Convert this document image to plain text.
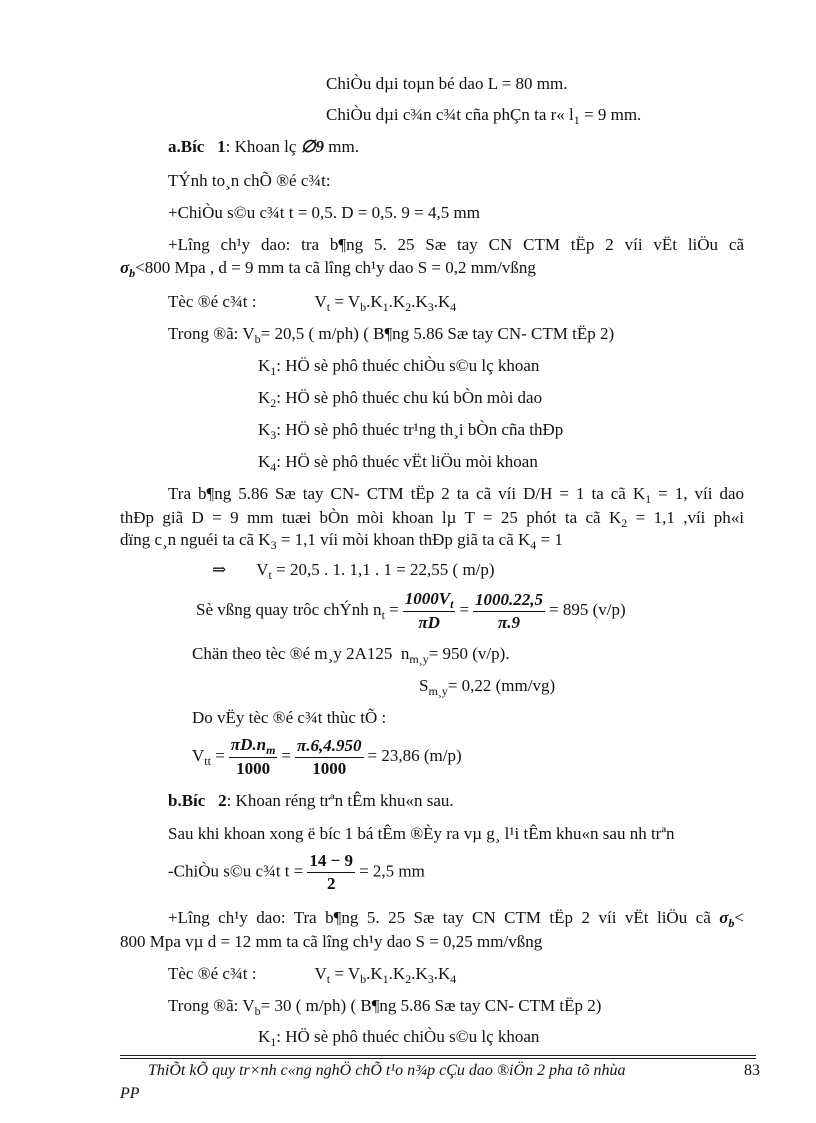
ChiÒu dµi toµn bé dao L = 80 mm.
ChiÒu dµi c¾n c¾t cña phÇn ta r« $l_1 = 9$ mm.
a.Bíc 1: Khoan lç ∅9 mm.
TÝnh to¸n chÕ ®é c¾t:
+ChiÒu s©u c¾t t = 0,5. D = 0,5. 9 = 4,5 mm
+Lîng ch¹y dao: tra b¶ng 5. 25 Sæ tay CN CTM tËp 2 víi vËt liÖu cã
$\sigma_b<800$ Mpa , d = 9 mm ta cã lîng ch¹y dao S = 0,2 mm/vßng
Tèc ®é c¾t :	$V_t = V_b.K_1.K_2.K_3.K_4$
Trong ®ã: $V_b= 20,5$ ( m/ph) ( B¶ng 5.86 Sæ tay CN- CTM tËp 2)
$K_1$: HÖ sè phô thuéc chiÒu s©u lç khoan
$K_2$: HÖ sè phô thuéc chu kú bÒn mòi dao
$K_3$: HÖ sè phô thuéc tr¹ng th¸i bÒn cña thÐp
$K_4$: HÖ sè phô thuéc vËt liÖu mòi khoan
Tra b¶ng 5.86 Sæ tay CN- CTM tËp 2 ta cã víi D/H = 1 ta cã $K_1 = 1$, víi dao
thÐp giã D = 9 mm tuæi bÒn mòi khoan lµ T = 25 phót ta cã $K_2 = 1,1$ ,víi ph«i
dïng c¸n nguéi ta cã $K_3 = 1,1$ víi mòi khoan thÐp giã ta cã $K_4 = 1$
⇒ $V_t = 20,5$ . 1. 1,1 . 1 = 22,55 ( m/p)
Sè vßng quay trôc chÝnh $n_t = \frac{1000V_t}{\pi D} = \frac{1000.22,5}{\pi.9} = 895$ (v/p)
Chän theo tèc ®é m¸y 2A125 $n_{m¸y}= 950$ (v/p).
$S_{m¸y}= 0,22$ (mm/vg)
Do vËy tèc ®é c¾t thùc tÕ :
$V_{tt} = \frac{\pi D.n_m}{1000} = \frac{\pi.6,4.950}{1000} = 23,86$ (m/p)
b.Bíc 2: Khoan réng trªn tÊm khu«n sau.
Sau khi khoan xong ë bíc 1 bá tÊm ®Èy ra vµ g¸ l¹i tÊm khu«n sau nh trªn
-ChiÒu s©u c¾t $t = \frac{14 - 9}{2} = 2,5$ mm
+Lîng ch¹y dao: Tra b¶ng 5. 25 Sæ tay CN CTM tËp 2 víi vËt liÖu cã $\sigma_b<$
800 Mpa vµ d = 12 mm ta cã lîng ch¹y dao S = 0,25 mm/vßng
Tèc ®é c¾t :	$V_t = V_b.K_1.K_2.K_3.K_4$
Trong ®ã: $V_b= 30$ ( m/ph) ( B¶ng 5.86 Sæ tay CN- CTM tËp 2)
$K_1$: HÖ sè phô thuéc chiÒu s©u lç khoan
ThiÕt kÕ quy tr×nh c«ng nghÖ chÕ t¹o n¾p cÇu dao ®iÖn 2 pha tõ nhùa
PP
83
